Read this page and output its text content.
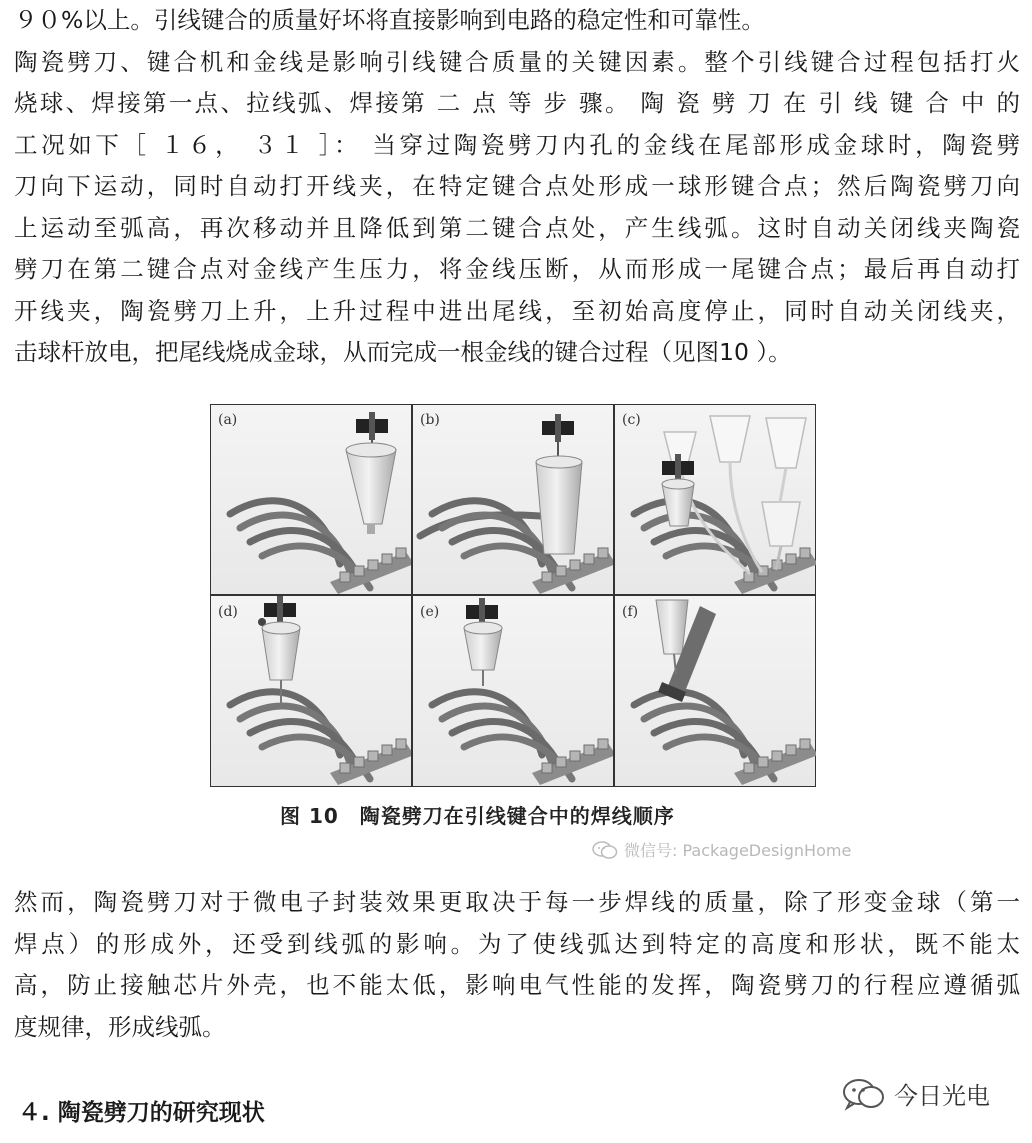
９０%以上。引线键合的质量好坏将直接影响到电路的稳定性和可靠性。
陶瓷劈刀、键合机和金线是影响引线键合质量的关键因素。整个引线键合过程包括打火
烧球、焊接第一点、拉线弧、焊接第 二 点 等 步 骤。 陶 瓷 劈 刀 在 引 线 键 合 中 的
工况如下［ １６， ３１ ］： 当穿过陶瓷劈刀内孔的金线在尾部形成金球时，陶瓷劈
刀向下运动，同时自动打开线夹，在特定键合点处形成一球形键合点；然后陶瓷劈刀向
上运动至弧高，再次移动并且降低到第二键合点处，产生线弧。这时自动关闭线夹陶瓷
劈刀在第二键合点对金线产生压力，将金线压断，从而形成一尾键合点；最后再自动打
开线夹，陶瓷劈刀上升，上升过程中进出尾线，至初始高度停止，同时自动关闭线夹，
击球杆放电，把尾线烧成金球，从而完成一根金线的键合过程（见图10 ）。
(a)	(b)	(c)
(d)	(e)	(f)
图 10　陶瓷劈刀在引线键合中的焊线顺序
微信号: PackageDesignHome
然而，陶瓷劈刀对于微电子封装效果更取决于每一步焊线的质量，除了形变金球（第一
焊点）的形成外，还受到线弧的影响。为了使线弧达到特定的高度和形状，既不能太
高，防止接触芯片外壳，也不能太低，影响电气性能的发挥，陶瓷劈刀的行程应遵循弧
度规律，形成线弧。
４. 陶瓷劈刀的研究现状
今日光电
